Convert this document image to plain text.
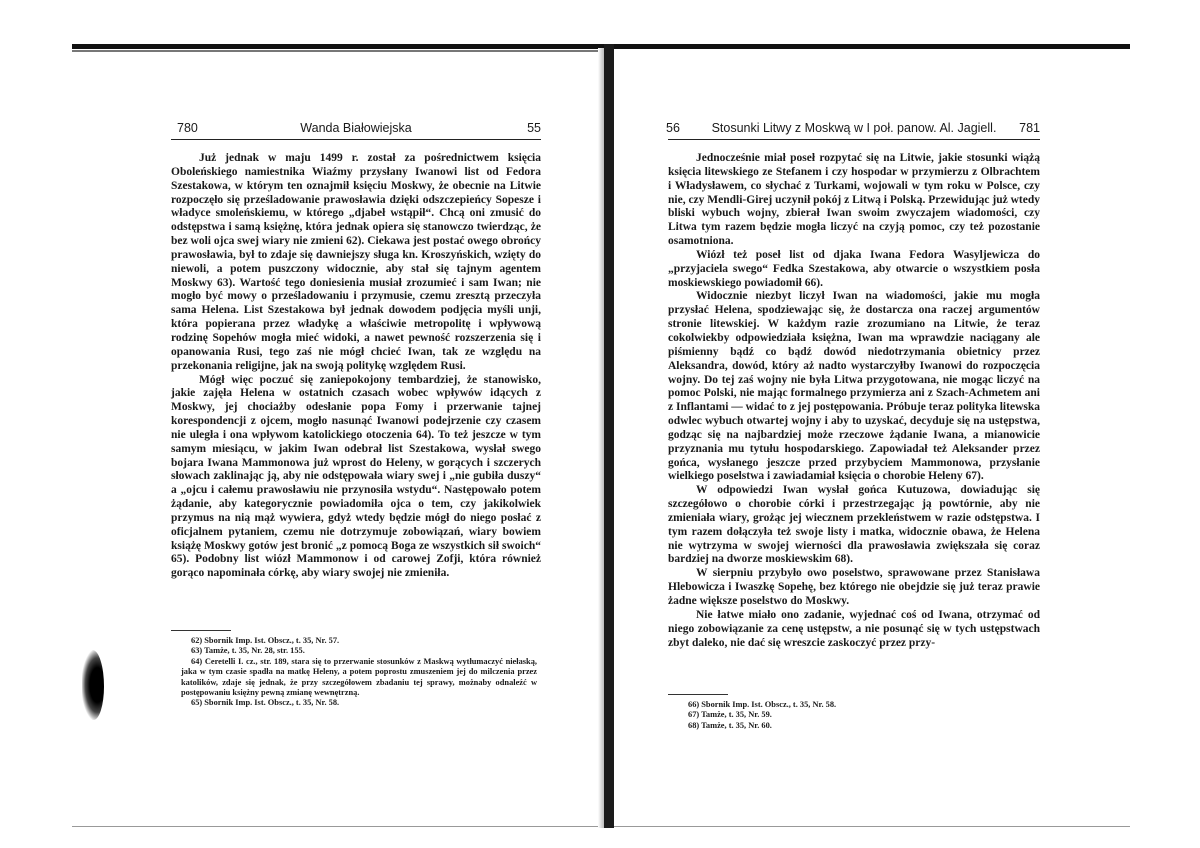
780	Wanda Białowiejska	55

Już jednak w maju 1499 r. został za pośrednictwem księcia Oboleńskiego namiestnika Wiaźmy przysłany Iwanowi list od Fedora Szestakowa, w którym ten oznajmił księciu Moskwy, że obecnie na Litwie rozpoczęło się prześladowanie prawosławia dzięki odszczepieńcy Sopesze i władyce smoleńskiemu, w którego „djabeł wstąpił“. Chcą oni zmusić do odstępstwa i samą księżnę, która jednak opiera się stanowczo twierdząc, że bez woli ojca swej wiary nie zmieni 62). Ciekawa jest postać owego obrońcy prawosławia, był to zdaje się dawniejszy sługa kn. Kroszyńskich, wzięty do niewoli, a potem puszczony widocznie, aby stał się tajnym agentem Moskwy 63). Wartość tego doniesienia musiał zrozumieć i sam Iwan; nie mogło być mowy o prześladowaniu i przymusie, czemu zresztą przeczyła sama Helena. List Szestakowa był jednak dowodem podjęcia myśli unji, która popierana przez władykę a właściwie metropolitę i wpływową rodzinę Sopehów mogła mieć widoki, a nawet pewność rozszerzenia się i opanowania Rusi, tego zaś nie mógł chcieć Iwan, tak ze względu na przekonania religijne, jak na swoją politykę względem Rusi.

Mógł więc poczuć się zaniepokojony tembardziej, że stanowisko, jakie zajęła Helena w ostatnich czasach wobec wpływów idących z Moskwy, jej chociażby odesłanie popa Fomy i przerwanie tajnej korespondencji z ojcem, mogło nasunąć Iwanowi podejrzenie czy czasem nie uległa i ona wpływom katolickiego otoczenia 64). To też jeszcze w tym samym miesiącu, w jakim Iwan odebrał list Szestakowa, wysłał swego bojara Iwana Mammonowa już wprost do Heleny, w gorących i szczerych słowach zaklinając ją, aby nie odstępowała wiary swej i „nie gubiła duszy“ a „ojcu i całemu prawosławiu nie przynosiła wstydu“. Następowało potem żądanie, aby kategorycznie powiadomiła ojca o tem, czy jakikolwiek przymus na nią mąż wywiera, gdyż wtedy będzie mógł do niego posłać z oficjalnem pytaniem, czemu nie dotrzymuje zobowiązań, wiary bowiem książę Moskwy gotów jest bronić „z pomocą Boga ze wszystkich sił swoich“ 65). Podobny list wiózł Mammonow i od carowej Zofji, która również gorąco napominała córkę, aby wiary swojej nie zmieniła.

62) Sbornik Imp. Ist. Obscz., t. 35, Nr. 57.

63) Tamże, t. 35, Nr. 28, str. 155.

64) Ceretelli I. cz., str. 189, stara się to przerwanie stosunków z Maskwą wytłumaczyć niełaską, jaka w tym czasie spadła na matkę Heleny, a potem poprostu zmuszeniem jej do milczenia przez katolików, zdaje się jednak, że przy szczegółowem zbadaniu tej sprawy, możnaby odnaleźć w postępowaniu księżny pewną zmianę wewnętrzną.

65) Sbornik Imp. Ist. Obscz., t. 35, Nr. 58.

56	Stosunki Litwy z Moskwą w I poł. panow. Al. Jagiell.	781

Jednocześnie miał poseł rozpytać się na Litwie, jakie stosunki wiążą księcia litewskiego ze Stefanem i czy hospodar w przymierzu z Olbrachtem i Władysławem, co słychać z Turkami, wojowali w tym roku w Polsce, czy nie, czy Mendli-Girej uczynił pokój z Litwą i Polską. Przewidując już wtedy bliski wybuch wojny, zbierał Iwan swoim zwyczajem wiadomości, czy Litwa tym razem będzie mogła liczyć na czyją pomoc, czy też pozostanie osamotniona.

Wiózł też poseł list od djaka Iwana Fedora Wasyljewicza do „przyjaciela swego“ Fedka Szestakowa, aby otwarcie o wszystkiem posła moskiewskiego powiadomił 66).

Widocznie niezbyt liczył Iwan na wiadomości, jakie mu mogła przysłać Helena, spodziewając się, że dostarcza ona raczej argumentów stronie litewskiej. W każdym razie zrozumiano na Litwie, że teraz cokolwiekby odpowiedziała księżna, Iwan ma wprawdzie naciągany ale piśmienny bądź co bądź dowód niedotrzymania obietnicy przez Aleksandra, dowód, który aż nadto wystarczyłby Iwanowi do rozpoczęcia wojny. Do tej zaś wojny nie była Litwa przygotowana, nie mogąc liczyć na pomoc Polski, nie mając formalnego przymierza ani z Szach-Achmetem ani z Inflantami — widać to z jej postępowania. Próbuje teraz polityka litewska odwlec wybuch otwartej wojny i aby to uzyskać, decyduje się na ustępstwa, godząc się na najbardziej może rzeczowe żądanie Iwana, a mianowicie przyznania mu tytułu hospodarskiego. Zapowiadał też Aleksander przez gońca, wysłanego jeszcze przed przybyciem Mammonowa, przysłanie wielkiego poselstwa i zawiadamiał księcia o chorobie Heleny 67).

W odpowiedzi Iwan wysłał gońca Kutuzowa, dowiadując się szczegółowo o chorobie córki i przestrzegając ją powtórnie, aby nie zmieniała wiary, grożąc jej wiecznem przekleństwem w razie odstępstwa. I tym razem dołączyła też swoje listy i matka, widocznie obawa, że Helena nie wytrzyma w swojej wierności dla prawosławia zwiększała się coraz bardziej na dworze moskiewskim 68).

W sierpniu przybyło owo poselstwo, sprawowane przez Stanisława Hlebowicza i Iwaszkę Sopehę, bez którego nie obejdzie się już teraz prawie żadne większe poselstwo do Moskwy.

Nie łatwe miało ono zadanie, wyjednać coś od Iwana, otrzymać od niego zobowiązanie za cenę ustępstw, a nie posunąć się w tych ustępstwach zbyt daleko, nie dać się wreszcie zaskoczyć przez przy-

66) Sbornik Imp. Ist. Obscz., t. 35, Nr. 58.

67) Tamże, t. 35, Nr. 59.

68) Tamże, t. 35, Nr. 60.
